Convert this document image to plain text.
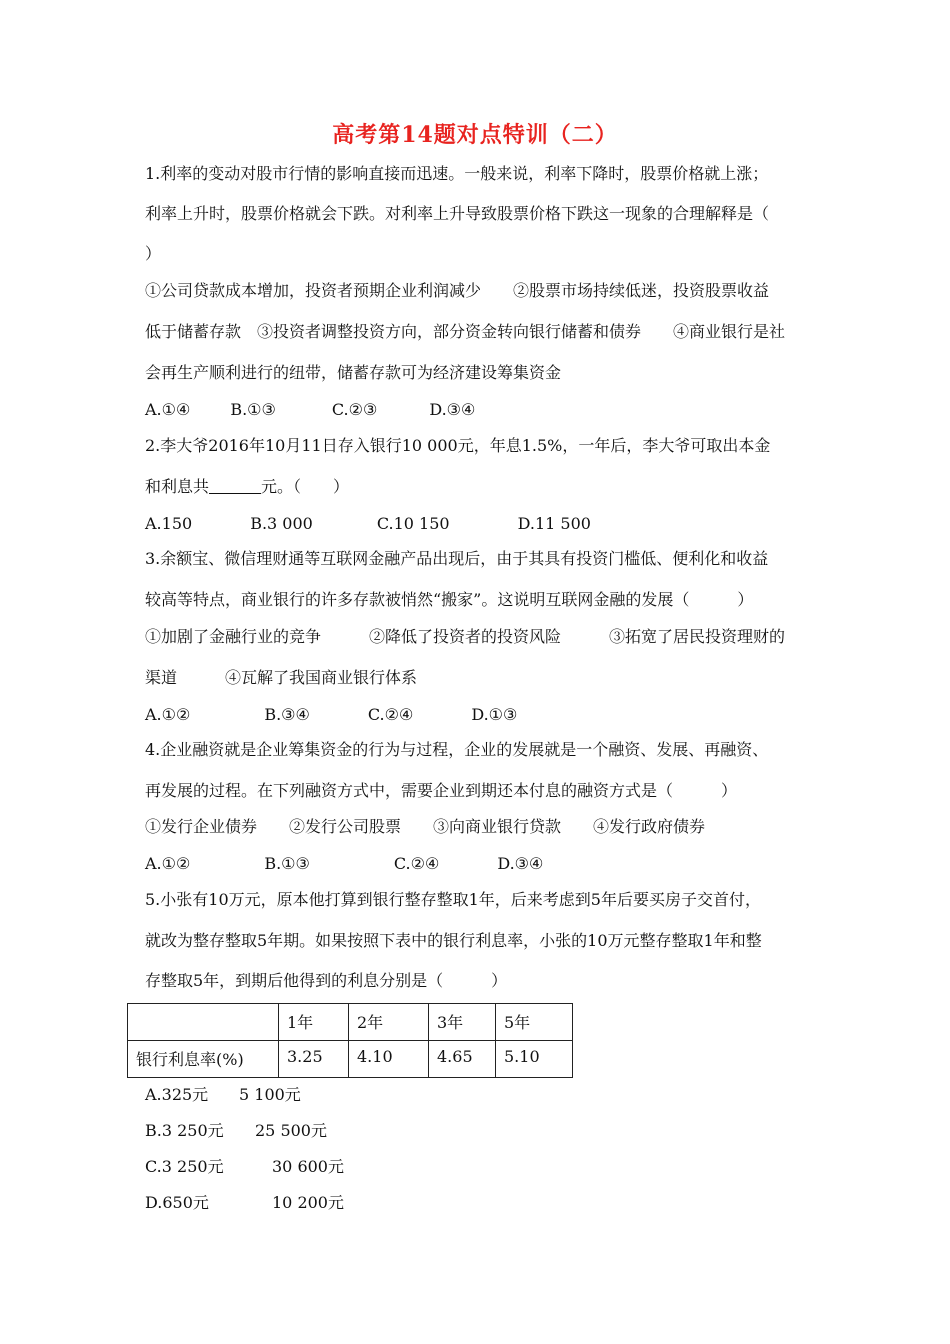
高考第14题对点特训（二）
1.利率的变动对股市行情的影响直接而迅速。一般来说，利率下降时，股票价格就上涨；
利率上升时，股票价格就会下跌。对利率上升导致股票价格下跌这一现象的合理解释是（
）
①公司贷款成本增加，投资者预期企业利润减少　　②股票市场持续低迷，投资股票收益
低于储蓄存款　③投资者调整投资方向，部分资金转向银行储蓄和债券　　④商业银行是社
会再生产顺利进行的纽带，储蓄存款可为经济建设筹集资金
A.①④	B.①③	C.②③	D.③④
2.李大爷2016年10月11日存入银行10 000元，年息1.5%，一年后，李大爷可取出本金
和利息共	元。（　　）
A.150	B.3 000	C.10 150	D.11 500
3.余额宝、微信理财通等互联网金融产品出现后，由于其具有投资门槛低、便利化和收益
较高等特点，商业银行的许多存款被悄然“搬家”。这说明互联网金融的发展（　　　）
①加剧了金融行业的竞争　　　②降低了投资者的投资风险　　　③拓宽了居民投资理财的
渠道　　　④瓦解了我国商业银行体系
A.①②	B.③④	C.②④	D.①③
4.企业融资就是企业筹集资金的行为与过程，企业的发展就是一个融资、发展、再融资、
再发展的过程。在下列融资方式中，需要企业到期还本付息的融资方式是（　　　）
①发行企业债券　　②发行公司股票　　③向商业银行贷款　　④发行政府债券
A.①②	B.①③	C.②④	D.③④
5.小张有10万元，原本他打算到银行整存整取1年，后来考虑到5年后要买房子交首付，
就改为整存整取5年期。如果按照下表中的银行利息率，小张的10万元整存整取1年和整
存整取5年，到期后他得到的利息分别是（　　　）
	1年	2年	3年	5年
银行利息率(%)	3.25	4.10	4.65	5.10
A.325元 5 100元
B.3 250元 25 500元
C.3 250元	30 600元
D.650元	10 200元
